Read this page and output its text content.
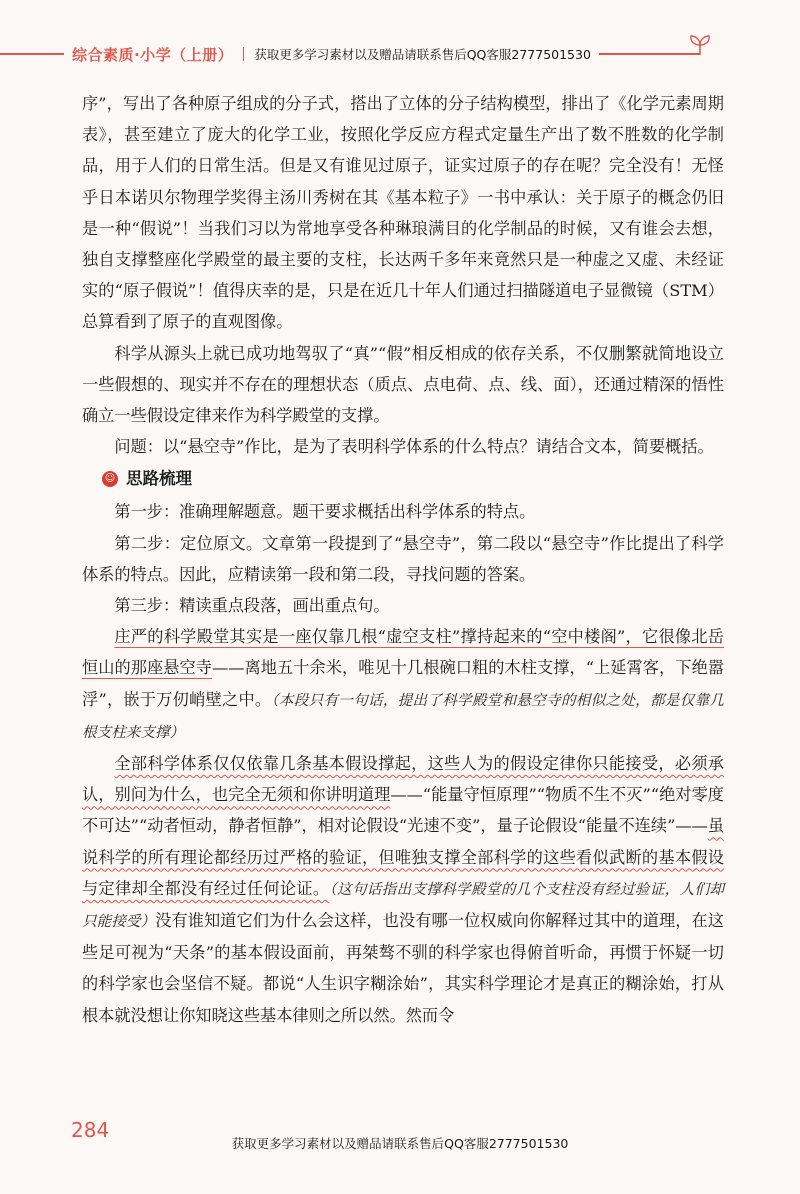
综合素质·小学（上册） 获取更多学习素材以及赠品请联系售后QQ客服2777501530

序”，写出了各种原子组成的分子式，搭出了立体的分子结构模型，排出了《化学元素周期表》，甚至建立了庞大的化学工业，按照化学反应方程式定量生产出了数不胜数的化学制品，用于人们的日常生活。但是又有谁见过原子，证实过原子的存在呢？完全没有！无怪乎日本诺贝尔物理学奖得主汤川秀树在其《基本粒子》一书中承认：关于原子的概念仍旧是一种“假说”！当我们习以为常地享受各种琳琅满目的化学制品的时候，又有谁会去想，独自支撑整座化学殿堂的最主要的支柱，长达两千多年来竟然只是一种虚之又虚、未经证实的“原子假说”！值得庆幸的是，只是在近几十年人们通过扫描隧道电子显微镜（STM）总算看到了原子的直观图像。

科学从源头上就已成功地驾驭了“真”“假”相反相成的依存关系，不仅删繁就简地设立一些假想的、现实并不存在的理想状态（质点、点电荷、点、线、面），还通过精深的悟性确立一些假设定律来作为科学殿堂的支撑。

问题：以“悬空寺”作比，是为了表明科学体系的什么特点？请结合文本，简要概括。

☺ 思路梳理

第一步：准确理解题意。题干要求概括出科学体系的特点。

第二步：定位原文。文章第一段提到了“悬空寺”，第二段以“悬空寺”作比提出了科学体系的特点。因此，应精读第一段和第二段，寻找问题的答案。

第三步：精读重点段落，画出重点句。

庄严的科学殿堂其实是一座仅靠几根“虚空支柱”撑持起来的“空中楼阁”，它很像北岳恒山的那座悬空寺——离地五十余米，唯见十几根碗口粗的木柱支撑，“上延霄客，下绝嚣浮”，嵌于万仞峭壁之中。（本段只有一句话，提出了科学殿堂和悬空寺的相似之处，都是仅靠几根支柱来支撑）

全部科学体系仅仅依靠几条基本假设撑起，这些人为的假设定律你只能接受，必须承认，别问为什么，也完全无须和你讲明道理——“能量守恒原理”“物质不生不灭”“绝对零度不可达”“动者恒动，静者恒静”，相对论假设“光速不变”，量子论假设“能量不连续”——虽说科学的所有理论都经历过严格的验证，但唯独支撑全部科学的这些看似武断的基本假设与定律却全都没有经过任何论证。（这句话指出支撑科学殿堂的几个支柱没有经过验证，人们却只能接受）没有谁知道它们为什么会这样，也没有哪一位权威向你解释过其中的道理，在这些足可视为“天条”的基本假设面前，再桀骜不驯的科学家也得俯首听命，再惯于怀疑一切的科学家也会坚信不疑。都说“人生识字糊涂始”，其实科学理论才是真正的糊涂始，打从根本就没想让你知晓这些基本律则之所以然。然而令

284
获取更多学习素材以及赠品请联系售后QQ客服2777501530
